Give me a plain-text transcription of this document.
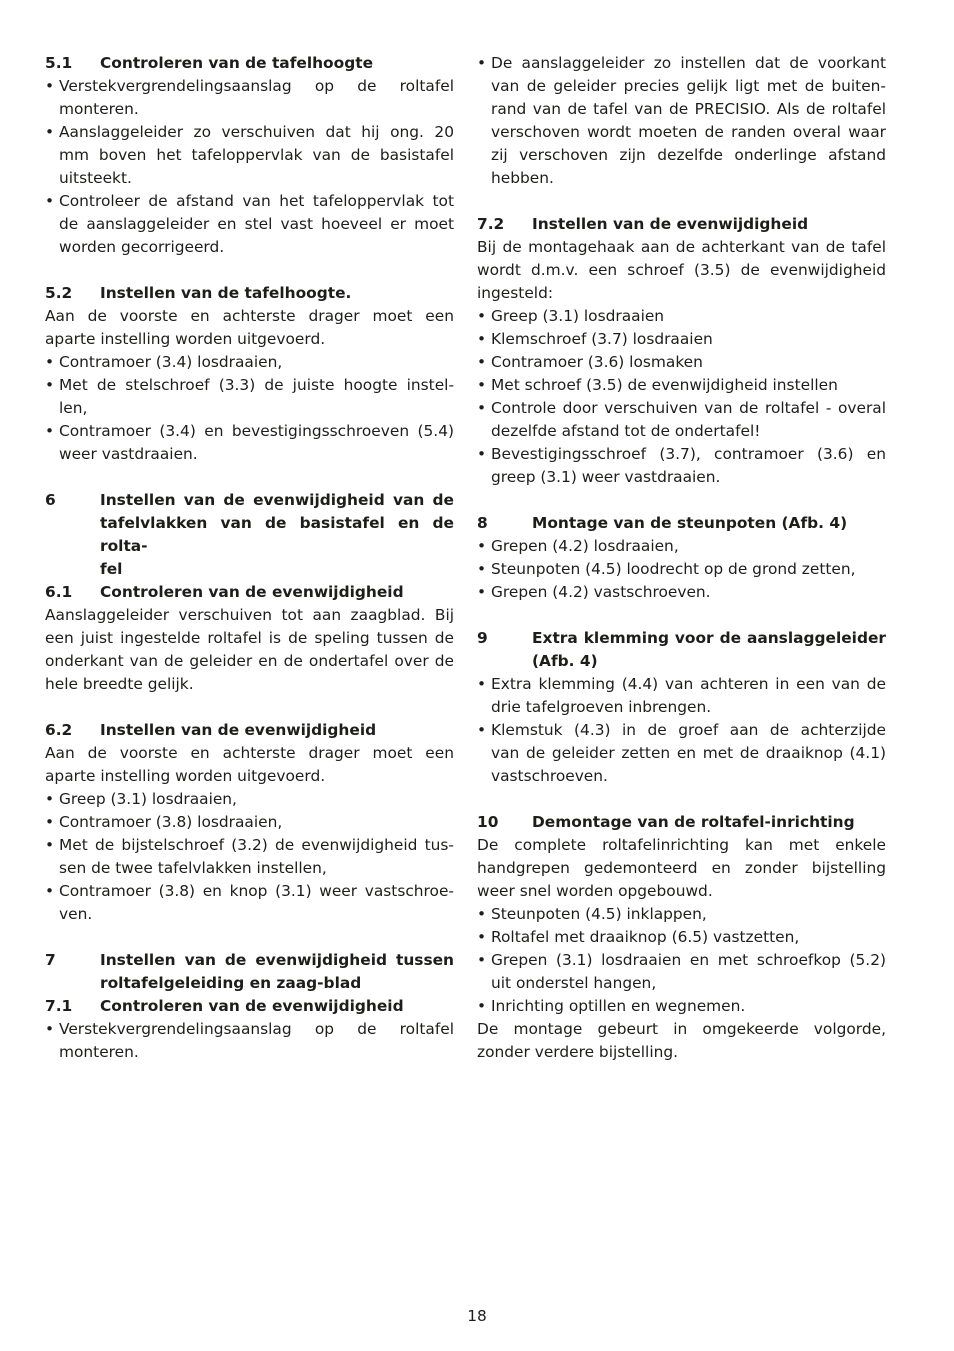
5.1	Controleren van de tafelhoogte
• Verstekvergrendelingsaanslag op de roltafel
monteren.
• Aanslaggeleider zo verschuiven dat hij ong. 20
mm boven het tafeloppervlak van de basistafel
uitsteekt.
• Controleer de afstand van het tafeloppervlak tot
de aanslaggeleider en stel vast hoeveel er moet
worden gecorrigeerd.
5.2	Instellen van de tafelhoogte.
Aan de voorste en achterste drager moet een
aparte instelling worden uitgevoerd.
• Contramoer (3.4) losdraaien,
• Met de stelschroef (3.3) de juiste hoogte instel-
len,
• Contramoer (3.4) en bevestigingsschroeven (5.4)
weer vastdraaien.
6	Instellen van de evenwijdigheid van de
tafelvlakken van de basistafel en de rolta-
fel
6.1	Controleren van de evenwijdigheid
Aanslaggeleider verschuiven tot aan zaagblad. Bij
een juist ingestelde roltafel is de speling tussen de
onderkant van de geleider en de ondertafel over de
hele breedte gelijk.
6.2	Instellen van de evenwijdigheid
Aan de voorste en achterste drager moet een
aparte instelling worden uitgevoerd.
• Greep (3.1) losdraaien,
• Contramoer (3.8) losdraaien,
• Met de bijstelschroef (3.2) de evenwijdigheid tus-
sen de twee tafelvlakken instellen,
• Contramoer (3.8) en knop (3.1) weer vastschroe-
ven.
7	Instellen van de evenwijdigheid tussen
roltafelgeleiding en zaag-blad
7.1	Controleren van de evenwijdigheid
• Verstekvergrendelingsaanslag op de roltafel
monteren.
• De aanslaggeleider zo instellen dat de voorkant
van de geleider precies gelijk ligt met de buiten-
rand van de tafel van de PRECISIO. Als de roltafel
verschoven wordt moeten de randen overal waar
zij verschoven zijn dezelfde onderlinge afstand
hebben.
7.2	Instellen van de evenwijdigheid
Bij de montagehaak aan de achterkant van de tafel
wordt d.m.v. een schroef (3.5) de evenwijdigheid
ingesteld:
• Greep (3.1) losdraaien
• Klemschroef (3.7) losdraaien
• Contramoer (3.6) losmaken
• Met schroef (3.5) de evenwijdigheid instellen
• Controle door verschuiven van de roltafel - overal
dezelfde afstand tot de ondertafel!
• Bevestigingsschroef (3.7), contramoer (3.6) en
greep (3.1) weer vastdraaien.
8	Montage van de steunpoten (Afb. 4)
• Grepen (4.2) losdraaien,
• Steunpoten (4.5) loodrecht op de grond zetten,
• Grepen (4.2) vastschroeven.
9	Extra klemming voor de aanslaggeleider
(Afb. 4)
• Extra klemming (4.4) van achteren in een van de
drie tafelgroeven inbrengen.
• Klemstuk (4.3) in de groef aan de achterzijde
van de geleider zetten en met de draaiknop (4.1)
vastschroeven.
10	Demontage van de roltafel-inrichting
De complete roltafelinrichting kan met enkele
handgrepen gedemonteerd en zonder bijstelling
weer snel worden opgebouwd.
• Steunpoten (4.5) inklappen,
• Roltafel met draaiknop (6.5) vastzetten,
• Grepen (3.1) losdraaien en met schroefkop (5.2)
uit onderstel hangen,
• Inrichting optillen en wegnemen.
De montage gebeurt in omgekeerde volgorde,
zonder verdere bijstelling.
18
